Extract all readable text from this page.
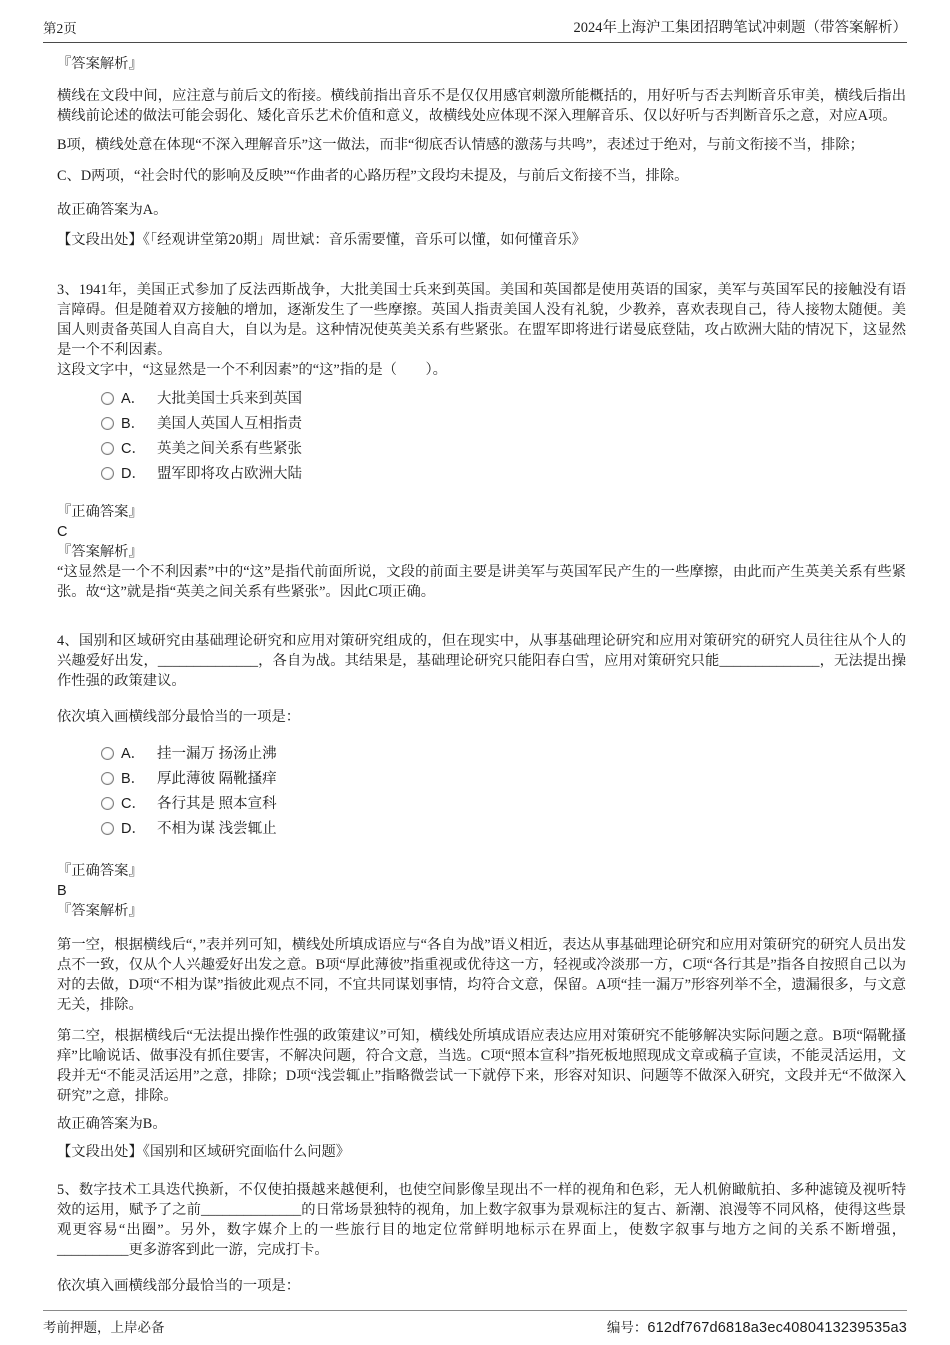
第2页	2024年上海沪工集团招聘笔试冲刺题（带答案解析）

『答案解析』

横线在文段中间，应注意与前后文的衔接。横线前指出音乐不是仅仅用感官刺激所能概括的，用好听与否去判断音乐审美，横线后指出横线前论述的做法可能会弱化、矮化音乐艺术价值和意义，故横线处应体现不深入理解音乐、仅以好听与否判断音乐之意，对应A项。

B项，横线处意在体现“不深入理解音乐”这一做法，而非“彻底否认情感的激荡与共鸣”，表述过于绝对，与前文衔接不当，排除；

C、D两项，“社会时代的影响及反映”“作曲者的心路历程”文段均未提及，与前后文衔接不当，排除。

故正确答案为A。

【文段出处】《「经观讲堂第20期」周世斌：音乐需要懂，音乐可以懂，如何懂音乐》

3、1941年，美国正式参加了反法西斯战争，大批美国士兵来到英国。美国和英国都是使用英语的国家，美军与英国军民的接触没有语言障碍。但是随着双方接触的增加，逐渐发生了一些摩擦。英国人指责美国人没有礼貌，少教养，喜欢表现自己，待人接物太随便。美国人则责备英国人自高自大，自以为是。这种情况使英美关系有些紧张。在盟军即将进行诺曼底登陆，攻占欧洲大陆的情况下，这显然是一个不利因素。

这段文字中，“这显然是一个不利因素”的“这”指的是（　　）。

A． 大批美国士兵来到英国
B． 美国人英国人互相指责
C． 英美之间关系有些紧张
D． 盟军即将攻占欧洲大陆

『正确答案』

C

『答案解析』

“这显然是一个不利因素”中的“这”是指代前面所说，文段的前面主要是讲美军与英国军民产生的一些摩擦，由此而产生英美关系有些紧张。故“这”就是指“英美之间关系有些紧张”。因此C项正确。

4、国别和区域研究由基础理论研究和应用对策研究组成的，但在现实中，从事基础理论研究和应用对策研究的研究人员往往从个人的兴趣爱好出发，______________，各自为战。其结果是，基础理论研究只能阳春白雪，应用对策研究只能______________，无法提出操作性强的政策建议。

依次填入画横线部分最恰当的一项是：

A． 挂一漏万 扬汤止沸
B． 厚此薄彼 隔靴搔痒
C． 各行其是 照本宣科
D． 不相为谋 浅尝辄止

『正确答案』

B

『答案解析』

第一空，根据横线后“，”表并列可知，横线处所填成语应与“各自为战”语义相近，表达从事基础理论研究和应用对策研究的研究人员出发点不一致，仅从个人兴趣爱好出发之意。B项“厚此薄彼”指重视或优待这一方，轻视或冷淡那一方，C项“各行其是”指各自按照自己以为对的去做，D项“不相为谋”指彼此观点不同，不宜共同谋划事情，均符合文意，保留。A项“挂一漏万”形容列举不全，遗漏很多，与文意无关，排除。

第二空，根据横线后“无法提出操作性强的政策建议”可知，横线处所填成语应表达应用对策研究不能够解决实际问题之意。B项“隔靴搔痒”比喻说话、做事没有抓住要害，不解决问题，符合文意，当选。C项“照本宣科”指死板地照现成文章或稿子宣读，不能灵活运用，文段并无“不能灵活运用”之意，排除；D项“浅尝辄止”指略微尝试一下就停下来，形容对知识、问题等不做深入研究，文段并无“不做深入研究”之意，排除。

故正确答案为B。

【文段出处】《国别和区域研究面临什么问题》

5、数字技术工具迭代换新，不仅使拍摄越来越便利，也使空间影像呈现出不一样的视角和色彩，无人机俯瞰航拍、多种滤镜及视听特效的运用，赋予了之前______________的日常场景独特的视角，加上数字叙事为景观标注的复古、新潮、浪漫等不同风格，使得这些景观更容易“出圈”。另外，数字媒介上的一些旅行目的地定位常鲜明地标示在界面上，使数字叙事与地方之间的关系不断增强，__________更多游客到此一游，完成打卡。

依次填入画横线部分最恰当的一项是：

考前押题，上岸必备	编号： 612df767d6818a3ec4080413239535a3
